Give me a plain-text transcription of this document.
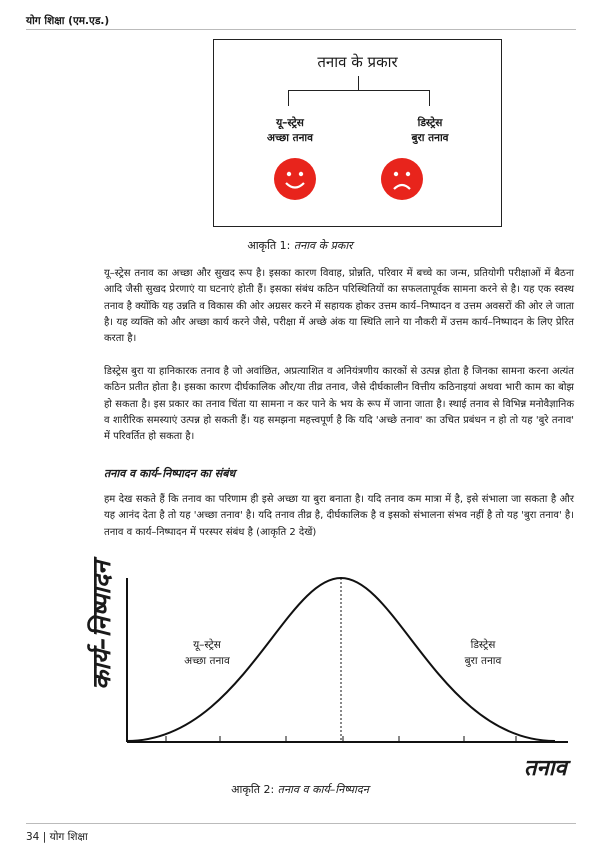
योग शिक्षा (एम.एड.)
तनाव के प्रकार
यू–स्ट्रेस
अच्छा तनाव
डिस्ट्रेस
बुरा तनाव
आकृति 1: तनाव के प्रकार

यू–स्ट्रेस तनाव का अच्छा और सुखद रूप है। इसका कारण विवाह, प्रोन्नति, परिवार में बच्चे का जन्म, प्रतियोगी परीक्षाओं में बैठना आदि जैसी सुखद प्रेरणाएं या घटनाएं होती हैं। इसका संबंध कठिन परिस्थितियों का सफलतापूर्वक सामना करने से है। यह एक स्वस्थ तनाव है क्योंकि यह उन्नति व विकास की ओर अग्रसर करने में सहायक होकर उत्तम कार्य–निष्पादन व उत्तम अवसरों की ओर ले जाता है। यह व्यक्ति को और अच्छा कार्य करने जैसे, परीक्षा में अच्छे अंक या स्थिति लाने या नौकरी में उत्तम कार्य–निष्पादन के लिए प्रेरित करता है।

डिस्ट्रेस बुरा या हानिकारक तनाव है जो अवांछित, अप्रत्याशित व अनियंत्रणीय कारकों से उत्पन्न होता है जिनका सामना करना अत्यंत कठिन प्रतीत होता है। इसका कारण दीर्घकालिक और/या तीव्र तनाव, जैसे दीर्घकालीन वित्तीय कठिनाइयां अथवा भारी काम का बोझ हो सकता है। इस प्रकार का तनाव चिंता या सामना न कर पाने के भय के रूप में जाना जाता है। स्थाई तनाव से विभिन्न मनोवैज्ञानिक व शारीरिक समस्याएं उत्पन्न हो सकती हैं। यह समझना महत्त्वपूर्ण है कि यदि 'अच्छे तनाव' का उचित प्रबंधन न हो तो यह 'बुरे तनाव' में परिवर्तित हो सकता है।

तनाव व कार्य–निष्पादन का संबंध

हम देख सकते हैं कि तनाव का परिणाम ही इसे अच्छा या बुरा बनाता है। यदि तनाव कम मात्रा में है, इसे संभाला जा सकता है और यह आनंद देता है तो यह 'अच्छा तनाव' है। यदि तनाव तीव्र है, दीर्घकालिक है व इसको संभालना संभव नहीं है तो यह 'बुरा तनाव' है। तनाव व कार्य–निष्पादन में परस्पर संबंध है (आकृति 2 देखें)

कार्य–निष्पादन
तनाव
यू–स्ट्रेस
अच्छा तनाव
डिस्ट्रेस
बुरा तनाव
आकृति 2: तनाव व कार्य–निष्पादन
34 | योग शिक्षा
